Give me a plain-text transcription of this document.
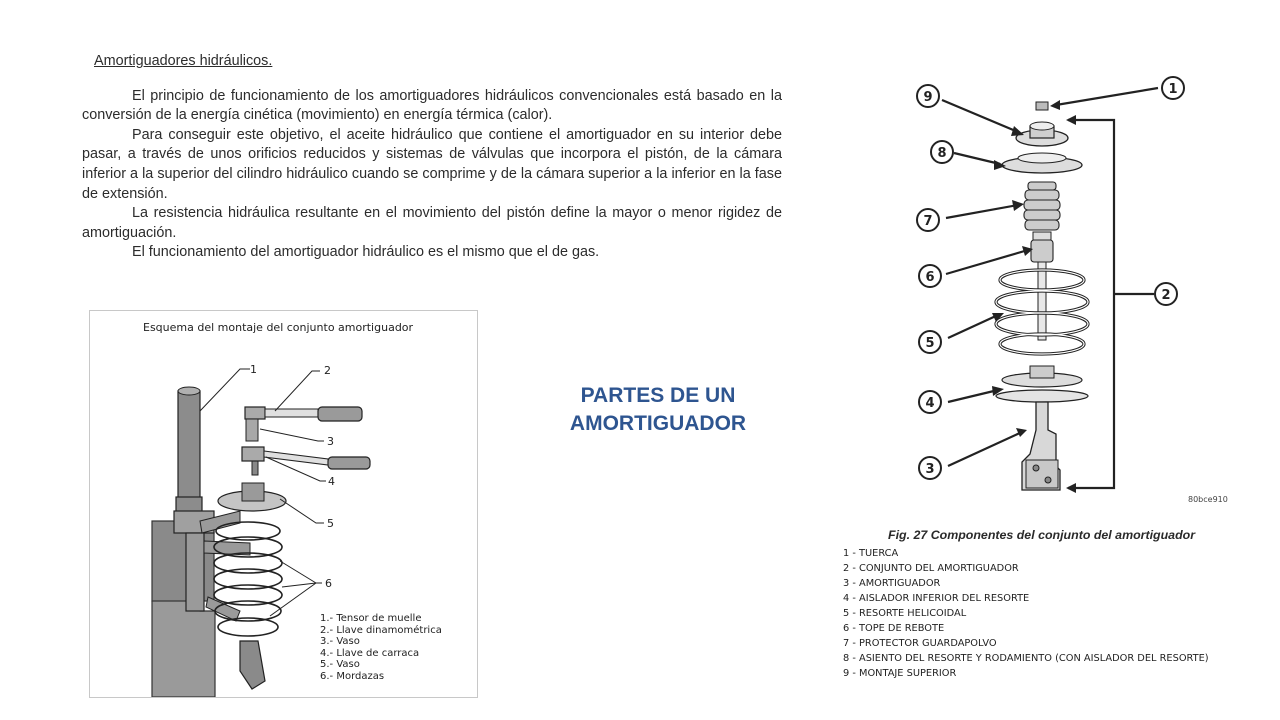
Amortiguadores hidráulicos.

El principio de funcionamiento de los amortiguadores hidráulicos convencionales está basado en la conversión de la energía cinética (movimiento) en energía térmica (calor).

Para conseguir este objetivo, el aceite hidráulico que contiene el amortiguador en su interior debe pasar, a través de unos orificios reducidos y sistemas de válvulas que incorpora el pistón, de la cámara inferior a la superior del cilindro hidráulico cuando se comprime y de la cámara superior a la inferior en la fase de extensión.

La resistencia hidráulica resultante en el movimiento del pistón define la mayor o menor rigidez de amortiguación.

El funcionamiento del amortiguador hidráulico es el mismo que el de gas.

Esquema del montaje del conjunto amortiguador
1	2
3
4
5
6
1.- Tensor de muelle
2.- Llave dinamométrica
3.- Vaso
4.- Llave de carraca
5.- Vaso
6.- Mordazas
PARTES DE UN AMORTIGUADOR
1
2
3
4
5
6
7
8
9
80bce910
Fig. 27 Componentes del conjunto del amortiguador
1 - TUERCA
2 - CONJUNTO DEL AMORTIGUADOR
3 - AMORTIGUADOR
4 - AISLADOR INFERIOR DEL RESORTE
5 - RESORTE HELICOIDAL
6 - TOPE DE REBOTE
7 - PROTECTOR GUARDAPOLVO
8 - ASIENTO DEL RESORTE Y RODAMIENTO (CON AISLADOR DEL RESORTE)
9 - MONTAJE SUPERIOR
